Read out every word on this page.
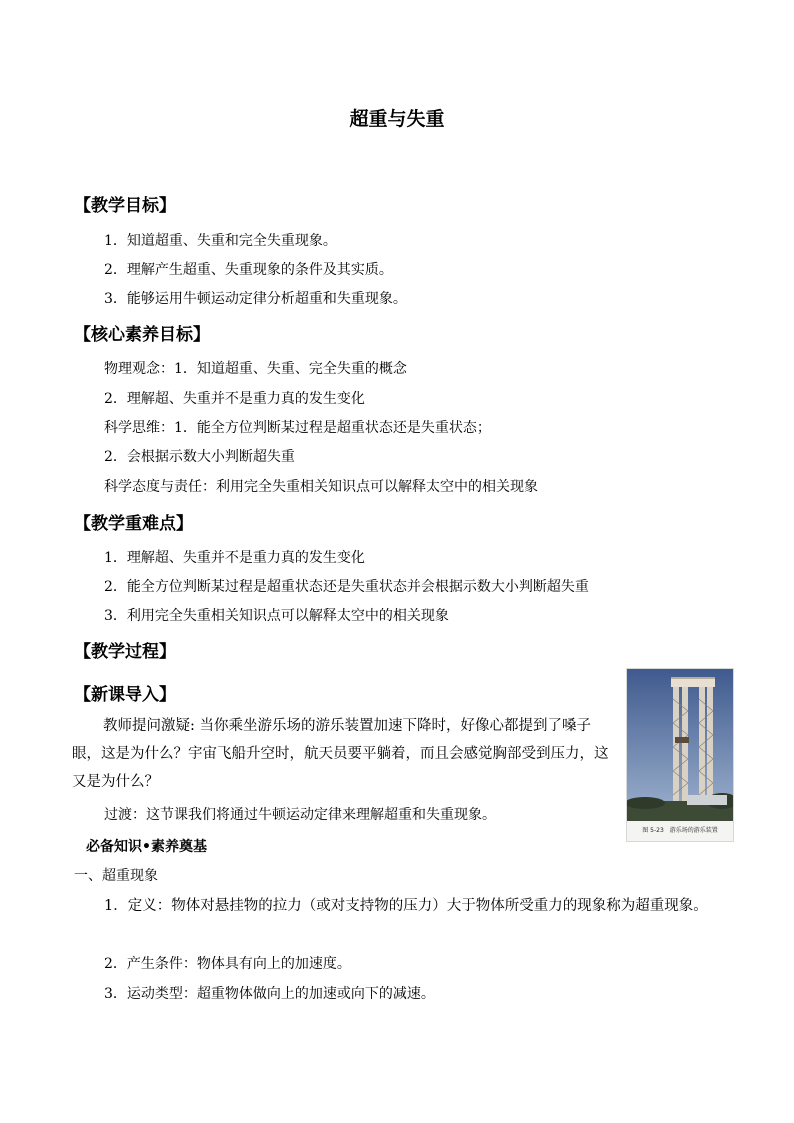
超重与失重
【教学目标】
1．知道超重、失重和完全失重现象。
2．理解产生超重、失重现象的条件及其实质。
3．能够运用牛顿运动定律分析超重和失重现象。
【核心素养目标】
物理观念：1．知道超重、失重、完全失重的概念
2．理解超、失重并不是重力真的发生变化
科学思维：1．能全方位判断某过程是超重状态还是失重状态；
2．会根据示数大小判断超失重
科学态度与责任：利用完全失重相关知识点可以解释太空中的相关现象
【教学重难点】
1．理解超、失重并不是重力真的发生变化
2．能全方位判断某过程是超重状态还是失重状态并会根据示数大小判断超失重
3．利用完全失重相关知识点可以解释太空中的相关现象
【教学过程】
【新课导入】
教师提问激疑: 当你乘坐游乐场的游乐装置加速下降时，好像心都提到了嗓子眼，这是为什么？宇宙飞船升空时，航天员要平躺着，而且会感觉胸部受到压力，这又是为什么？
过渡：这节课我们将通过牛顿运动定律来理解超重和失重现象。
图 5-23　游乐场的游乐装置
必备知识•素养奠基
一、超重现象
1．定义：物体对悬挂物的拉力（或对支持物的压力）大于物体所受重力的现象称为超重现象。
2．产生条件：物体具有向上的加速度。
3．运动类型：超重物体做向上的加速或向下的减速。
